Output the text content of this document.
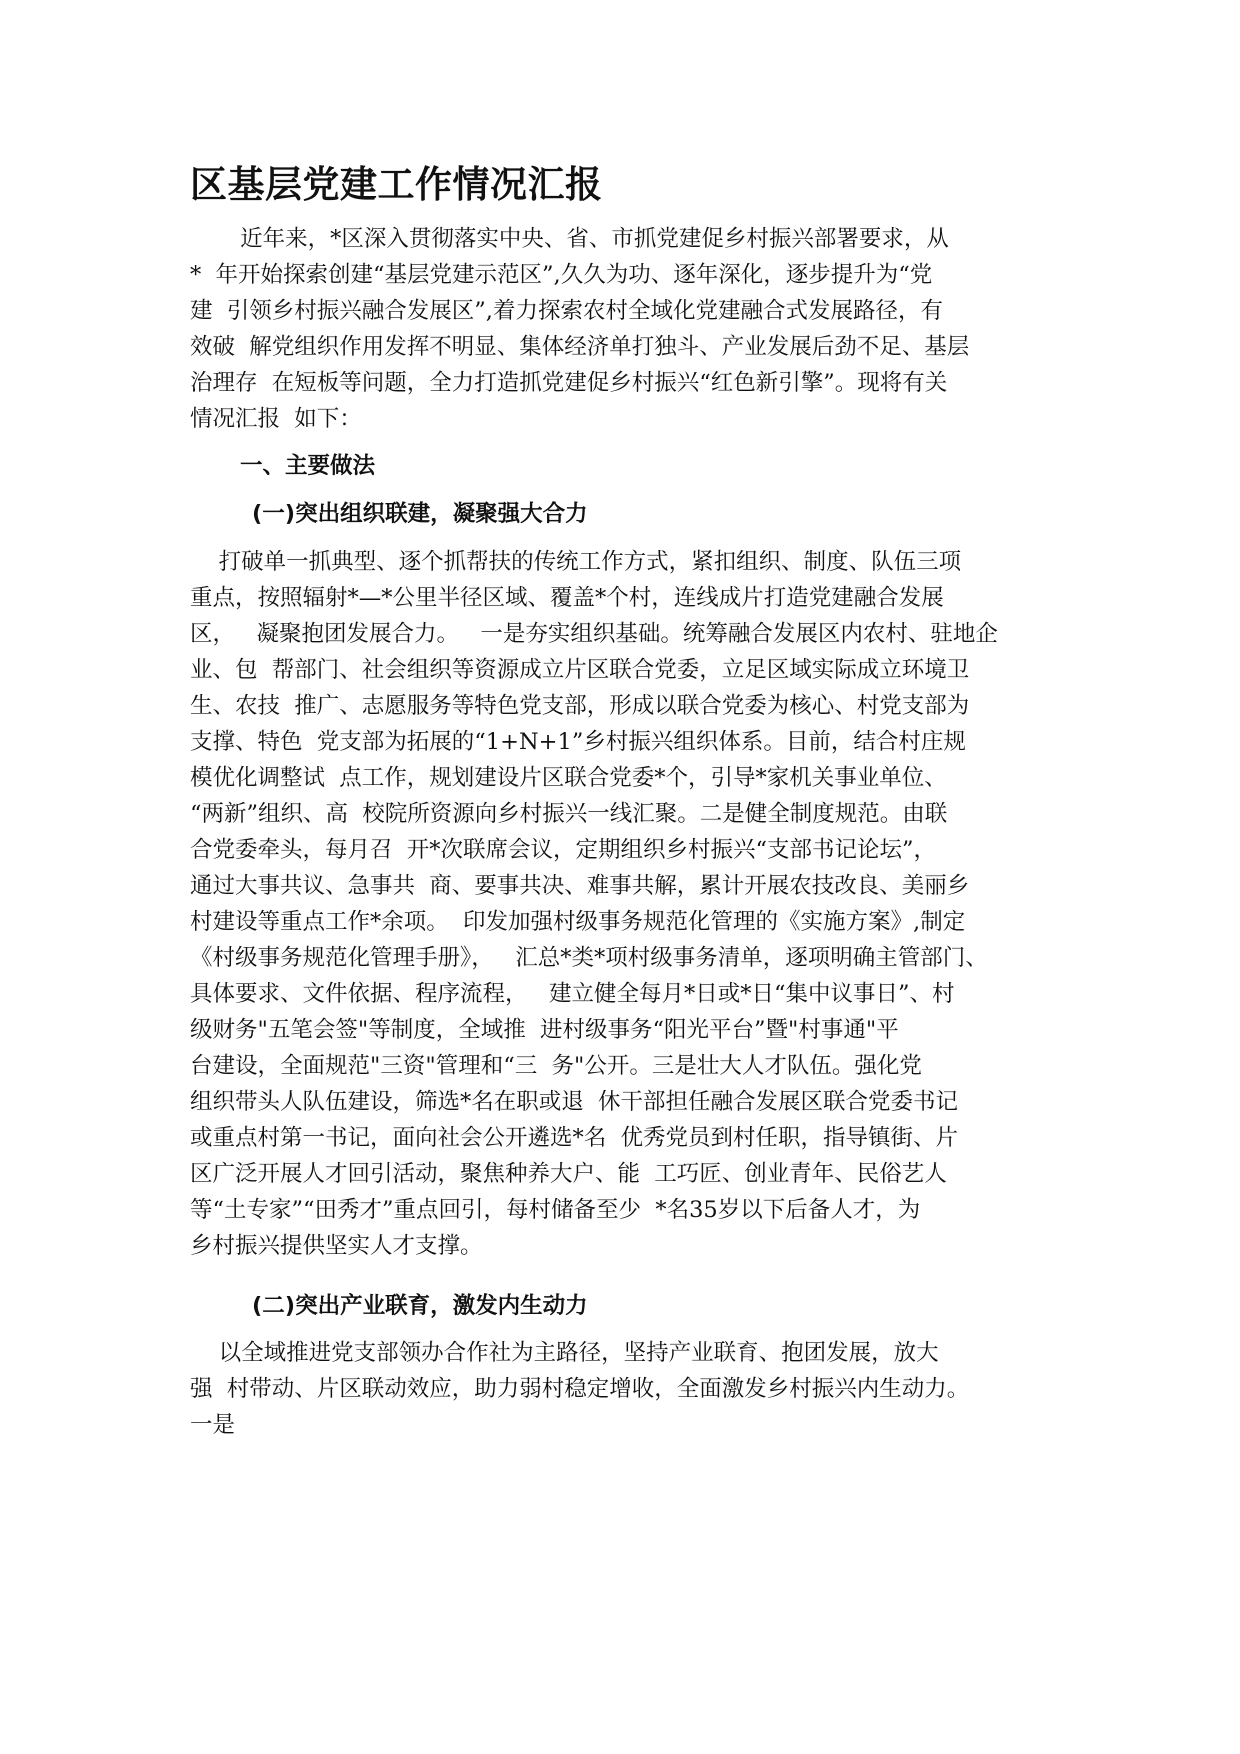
区基层党建工作情况汇报
近年来，*区深入贯彻落实中央、省、市抓党建促乡村振兴部署要求，从
*  年开始探索创建“基层党建示范区”,久久为功、逐年深化，逐步提升为“党
建  引领乡村振兴融合发展区”,着力探索农村全域化党建融合式发展路径，有
效破  解党组织作用发挥不明显、集体经济单打独斗、产业发展后劲不足、基层
治理存  在短板等问题，全力打造抓党建促乡村振兴“红色新引擎”。现将有关
情况汇报  如下：
一、主要做法
(一)突出组织联建，凝聚强大合力
打破单一抓典型、逐个抓帮扶的传统工作方式，紧扣组织、制度、队伍三项
重点，按照辐射*—*公里半径区域、覆盖*个村，连线成片打造党建融合发展
区，   凝聚抱团发展合力。   一是夯实组织基础。统筹融合发展区内农村、驻地企
业、包  帮部门、社会组织等资源成立片区联合党委，立足区域实际成立环境卫
生、农技  推广、志愿服务等特色党支部，形成以联合党委为核心、村党支部为
支撑、特色  党支部为拓展的“1+N+1”乡村振兴组织体系。目前，结合村庄规
模优化调整试  点工作，规划建设片区联合党委*个，引导*家机关事业单位、
“两新”组织、高  校院所资源向乡村振兴一线汇聚。二是健全制度规范。由联
合党委牵头，每月召  开*次联席会议，定期组织乡村振兴“支部书记论坛”，
通过大事共议、急事共  商、要事共决、难事共解，累计开展农技改良、美丽乡
村建设等重点工作*余项。  印发加强村级事务规范化管理的《实施方案》,制定
《村级事务规范化管理手册》，   汇总*类*项村级事务清单，逐项明确主管部门、
具体要求、文件依据、程序流程，   建立健全每月*日或*日“集中议事日”、村
级财务"五笔会签"等制度，全域推  进村级事务“阳光平台”暨"村事通"平
台建设，全面规范"三资"管理和“三  务"公开。三是壮大人才队伍。强化党
组织带头人队伍建设，筛选*名在职或退  休干部担任融合发展区联合党委书记
或重点村第一书记，面向社会公开遴选*名  优秀党员到村任职，指导镇街、片
区广泛开展人才回引活动，聚焦种养大户、能  工巧匠、创业青年、民俗艺人
等“土专家”“田秀才”重点回引，每村储备至少  *名35岁以下后备人才，为
乡村振兴提供坚实人才支撑。
(二)突出产业联育，激发内生动力
以全域推进党支部领办合作社为主路径，坚持产业联育、抱团发展，放大
强  村带动、片区联动效应，助力弱村稳定增收，全面激发乡村振兴内生动力。
一是
